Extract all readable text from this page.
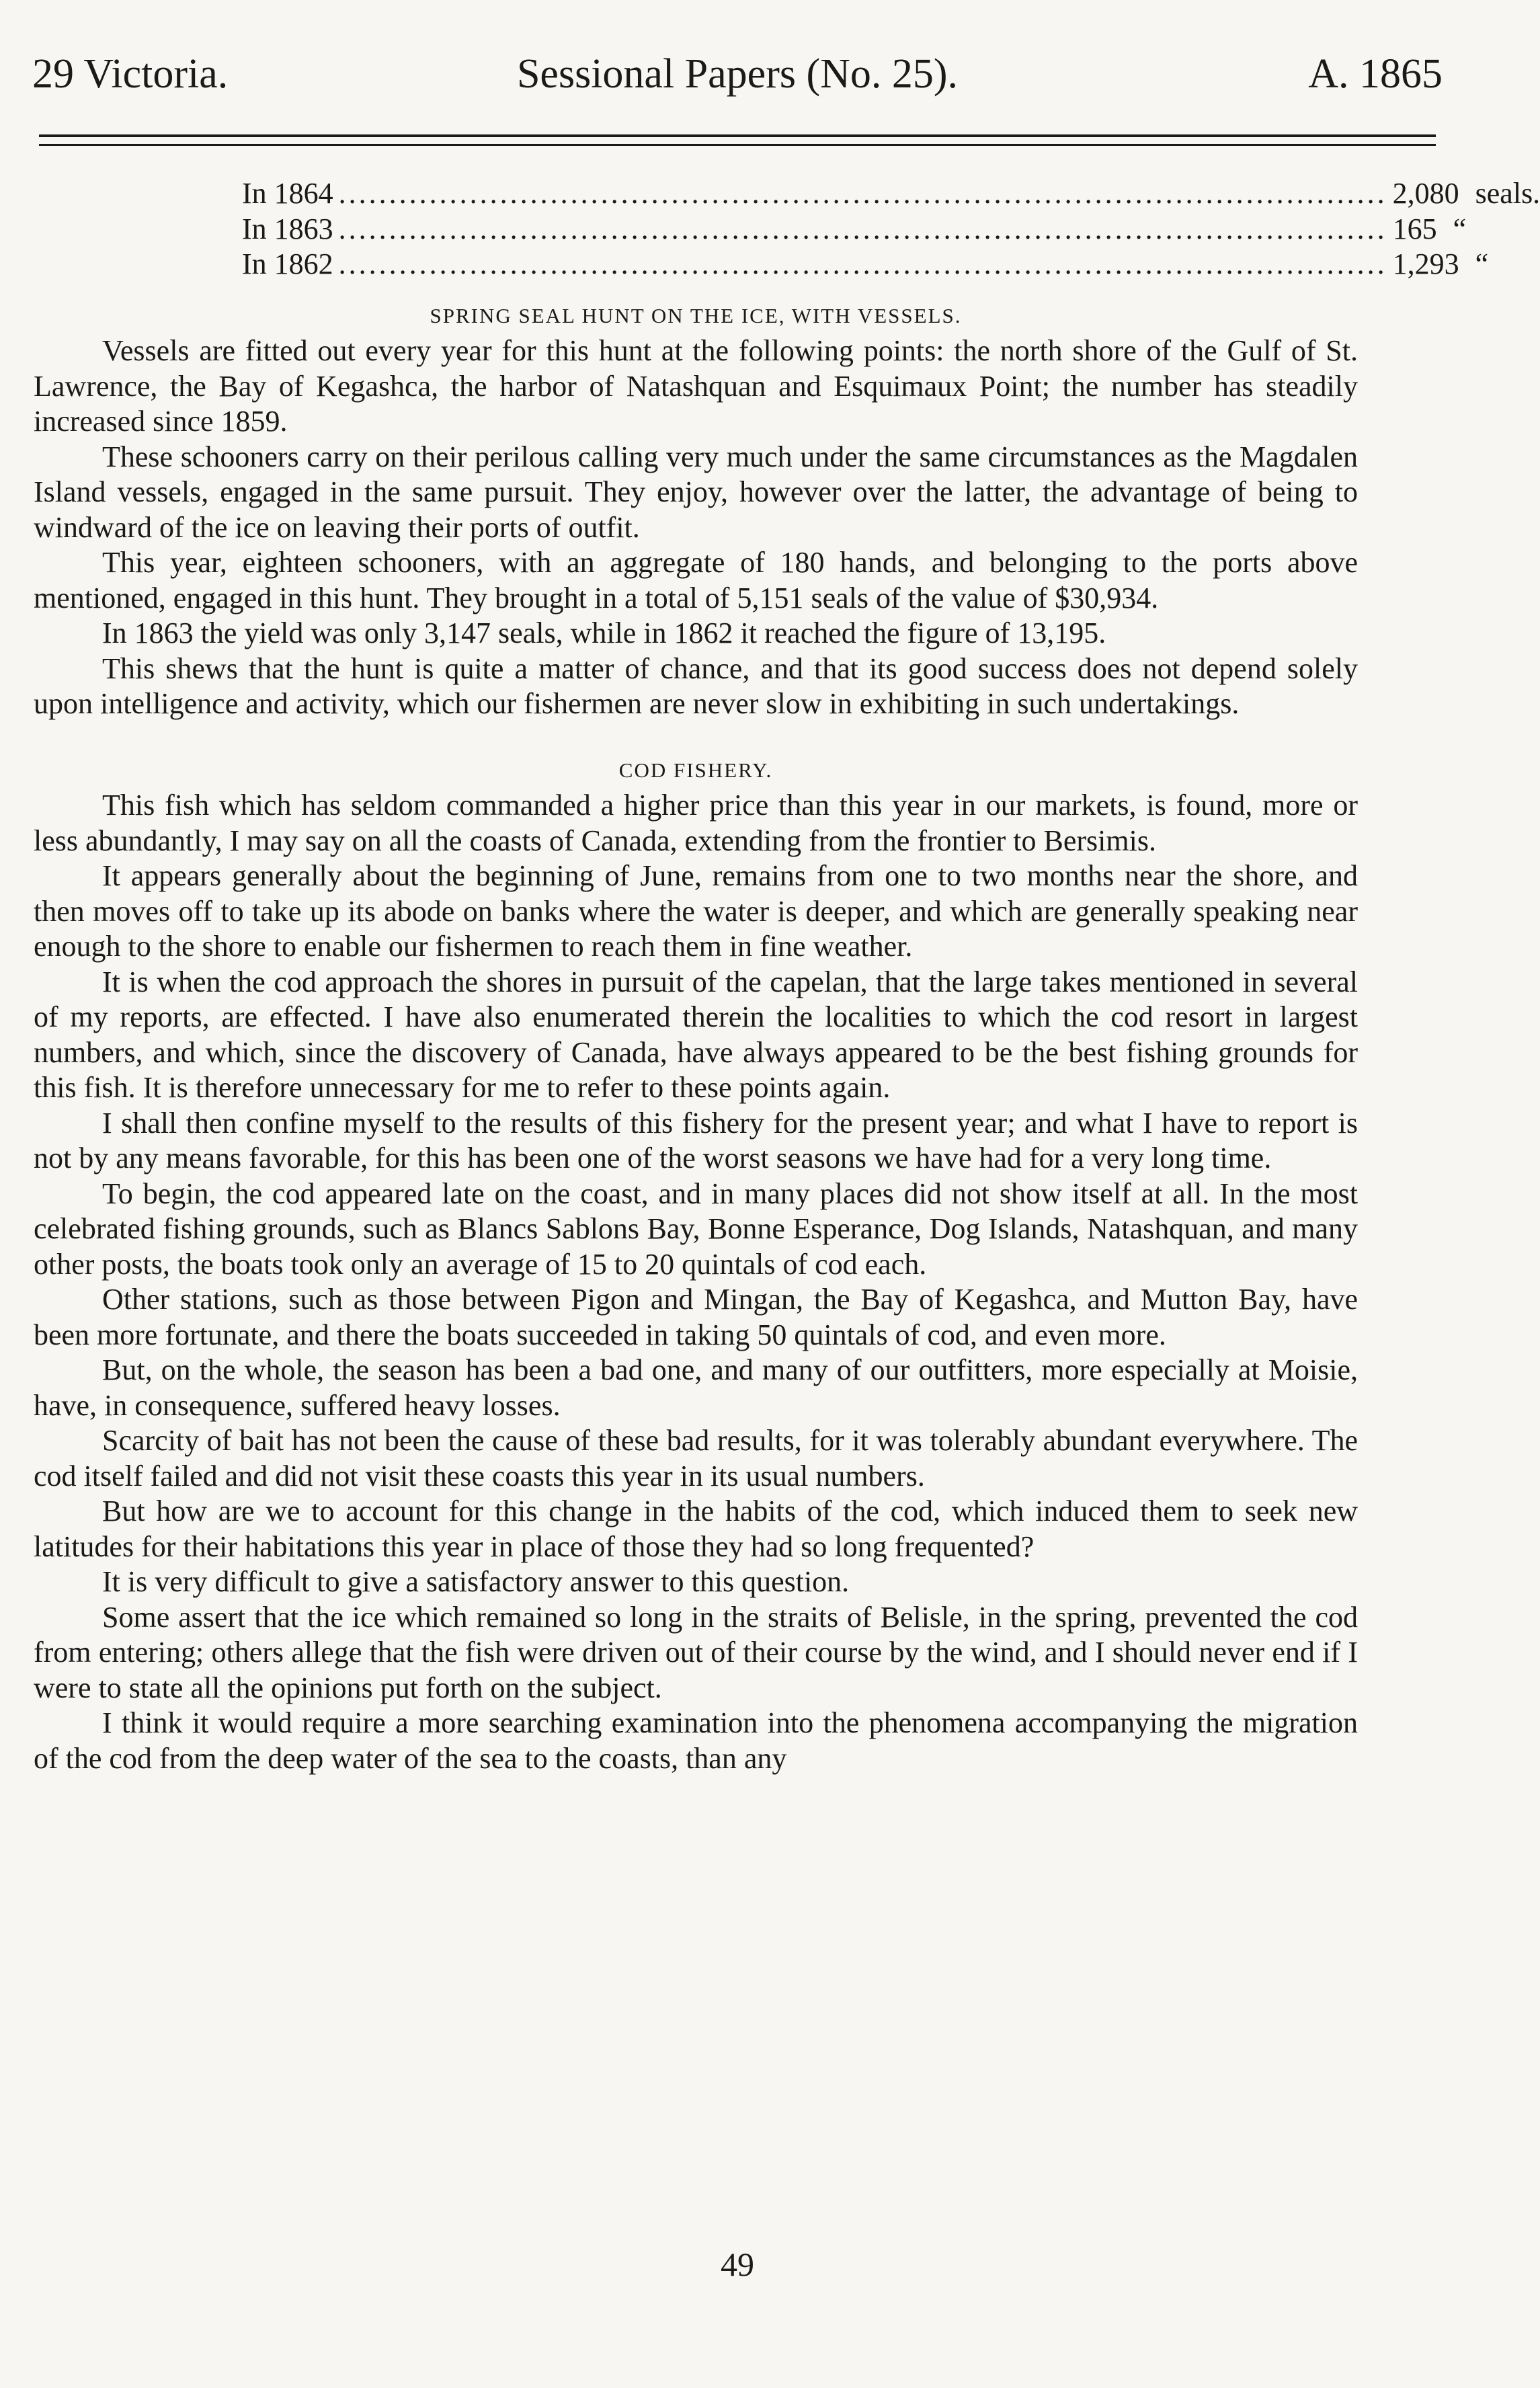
29 Victoria.	Sessional Papers (No. 25).	A. 1865
In 1864 ........................................................................................................ 2,080 seals.
In 1863 ........................................................................................................ 165 “
In 1862 ........................................................................................................ 1,293 “
SPRING SEAL HUNT ON THE ICE, WITH VESSELS.

Vessels are fitted out every year for this hunt at the following points: the north shore of the Gulf of St. Lawrence, the Bay of Kegashca, the harbor of Natashquan and Esquimaux Point; the number has steadily increased since 1859.

These schooners carry on their perilous calling very much under the same circumstances as the Magdalen Island vessels, engaged in the same pursuit. They enjoy, however over the latter, the advantage of being to windward of the ice on leaving their ports of outfit.

This year, eighteen schooners, with an aggregate of 180 hands, and belonging to the ports above mentioned, engaged in this hunt. They brought in a total of 5,151 seals of the value of $30,934.

In 1863 the yield was only 3,147 seals, while in 1862 it reached the figure of 13,195.

This shews that the hunt is quite a matter of chance, and that its good success does not depend solely upon intelligence and activity, which our fishermen are never slow in exhibiting in such undertakings.

COD FISHERY.

This fish which has seldom commanded a higher price than this year in our markets, is found, more or less abundantly, I may say on all the coasts of Canada, extending from the frontier to Bersimis.

It appears generally about the beginning of June, remains from one to two months near the shore, and then moves off to take up its abode on banks where the water is deeper, and which are generally speaking near enough to the shore to enable our fishermen to reach them in fine weather.

It is when the cod approach the shores in pursuit of the capelan, that the large takes mentioned in several of my reports, are effected. I have also enumerated therein the localities to which the cod resort in largest numbers, and which, since the discovery of Canada, have always appeared to be the best fishing grounds for this fish. It is therefore unnecessary for me to refer to these points again.

I shall then confine myself to the results of this fishery for the present year; and what I have to report is not by any means favorable, for this has been one of the worst seasons we have had for a very long time.

To begin, the cod appeared late on the coast, and in many places did not show itself at all. In the most celebrated fishing grounds, such as Blancs Sablons Bay, Bonne Esperance, Dog Islands, Natashquan, and many other posts, the boats took only an average of 15 to 20 quintals of cod each.

Other stations, such as those between Pigon and Mingan, the Bay of Kegashca, and Mutton Bay, have been more fortunate, and there the boats succeeded in taking 50 quintals of cod, and even more.

But, on the whole, the season has been a bad one, and many of our outfitters, more especially at Moisie, have, in consequence, suffered heavy losses.

Scarcity of bait has not been the cause of these bad results, for it was tolerably abundant everywhere. The cod itself failed and did not visit these coasts this year in its usual numbers.

But how are we to account for this change in the habits of the cod, which induced them to seek new latitudes for their habitations this year in place of those they had so long frequented?

It is very difficult to give a satisfactory answer to this question.

Some assert that the ice which remained so long in the straits of Belisle, in the spring, prevented the cod from entering; others allege that the fish were driven out of their course by the wind, and I should never end if I were to state all the opinions put forth on the subject.

I think it would require a more searching examination into the phenomena accompanying the migration of the cod from the deep water of the sea to the coasts, than any

49
